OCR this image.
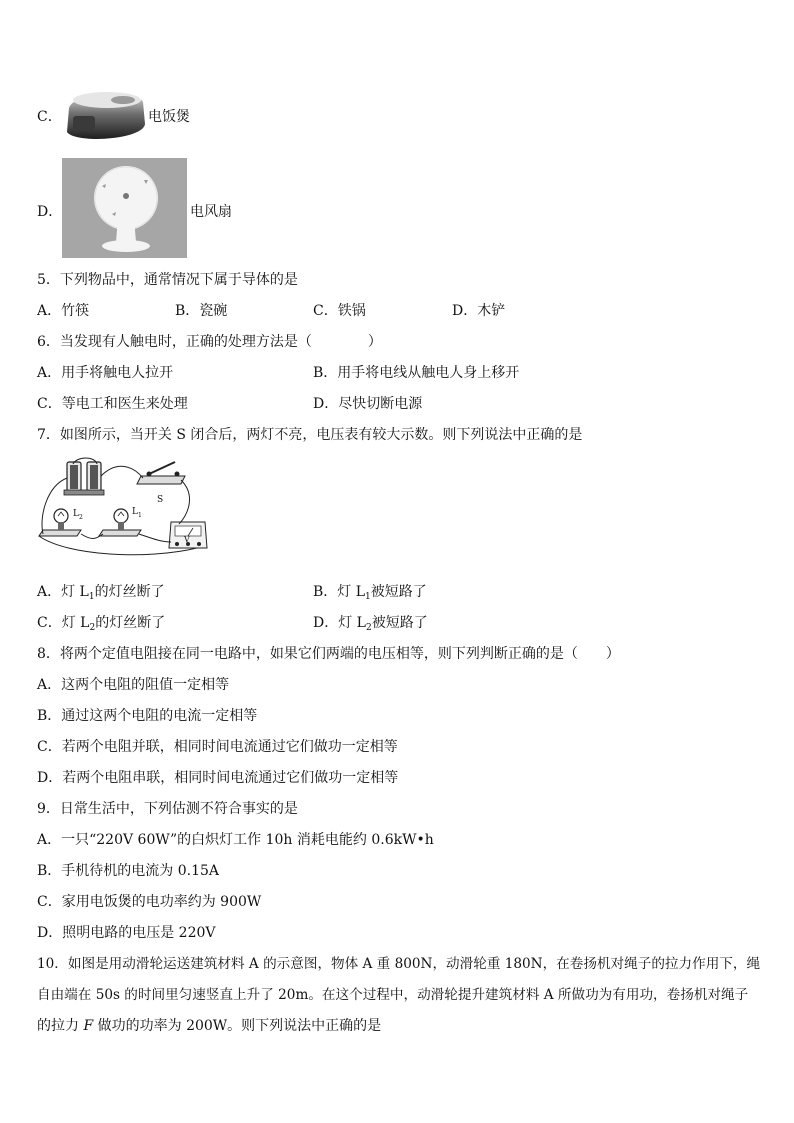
C．	电饭煲
D．	电风扇
5．下列物品中，通常情况下属于导体的是
A．竹筷	B．瓷碗	C．铁锅	D．木铲
6．当发现有人触电时，正确的处理方法是（　　　　）
A．用手将触电人拉开	B．用手将电线从触电人身上移开
C．等电工和医生来处理	D．尽快切断电源
7．如图所示，当开关 S 闭合后，两灯不亮，电压表有较大示数。则下列说法中正确的是
$L_2$
$L_1$
V
S
A．灯 $L_1$的灯丝断了	B．灯 $L_1$被短路了
C．灯 $L_2$的灯丝断了	D．灯 $L_2$被短路了
8．将两个定值电阻接在同一电路中，如果它们两端的电压相等，则下列判断正确的是（　　）
A．这两个电阻的阻值一定相等
B．通过这两个电阻的电流一定相等
C．若两个电阻并联，相同时间电流通过它们做功一定相等
D．若两个电阻串联，相同时间电流通过它们做功一定相等
9．日常生活中，下列估测不符合事实的是
A．一只“220V 60W”的白炽灯工作 10h 消耗电能约 0.6kW•h
B．手机待机的电流为 0.15A
C．家用电饭煲的电功率约为 900W
D．照明电路的电压是 220V
10．如图是用动滑轮运送建筑材料 A 的示意图，物体 A 重 800N，动滑轮重 180N，在卷扬机对绳子的拉力作用下，绳
自由端在 50s 的时间里匀速竖直上升了 20m。在这个过程中，动滑轮提升建筑材料 A 所做功为有用功，卷扬机对绳子
的拉力 F 做功的功率为 200W。则下列说法中正确的是
